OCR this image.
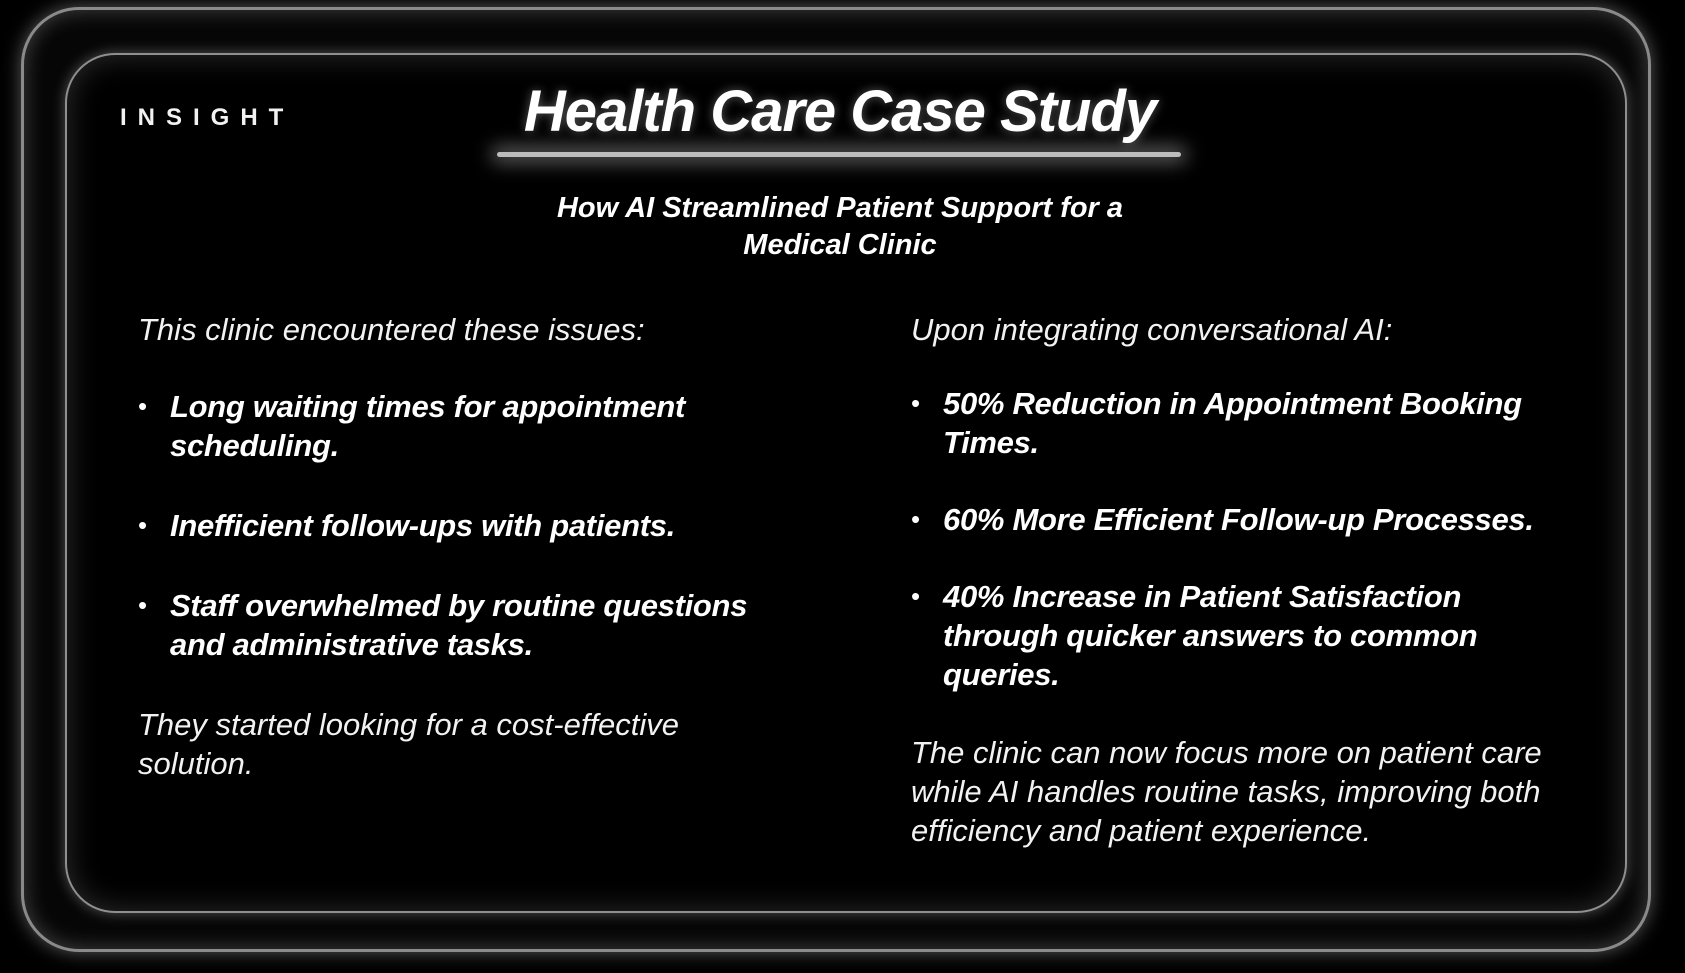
INSIGHT	Health Care Case Study
How AI Streamlined Patient Support for a Medical Clinic

This clinic encountered these issues:

• Long waiting times for appointment scheduling.
• Inefficient follow-ups with patients.
• Staff overwhelmed by routine questions and administrative tasks.

They started looking for a cost-effective solution.

Upon integrating conversational AI:

• 50% Reduction in Appointment Booking Times.
• 60% More Efficient Follow-up Processes.
• 40% Increase in Patient Satisfaction through quicker answers to common queries.

The clinic can now focus more on patient care while AI handles routine tasks, improving both efficiency and patient experience.
